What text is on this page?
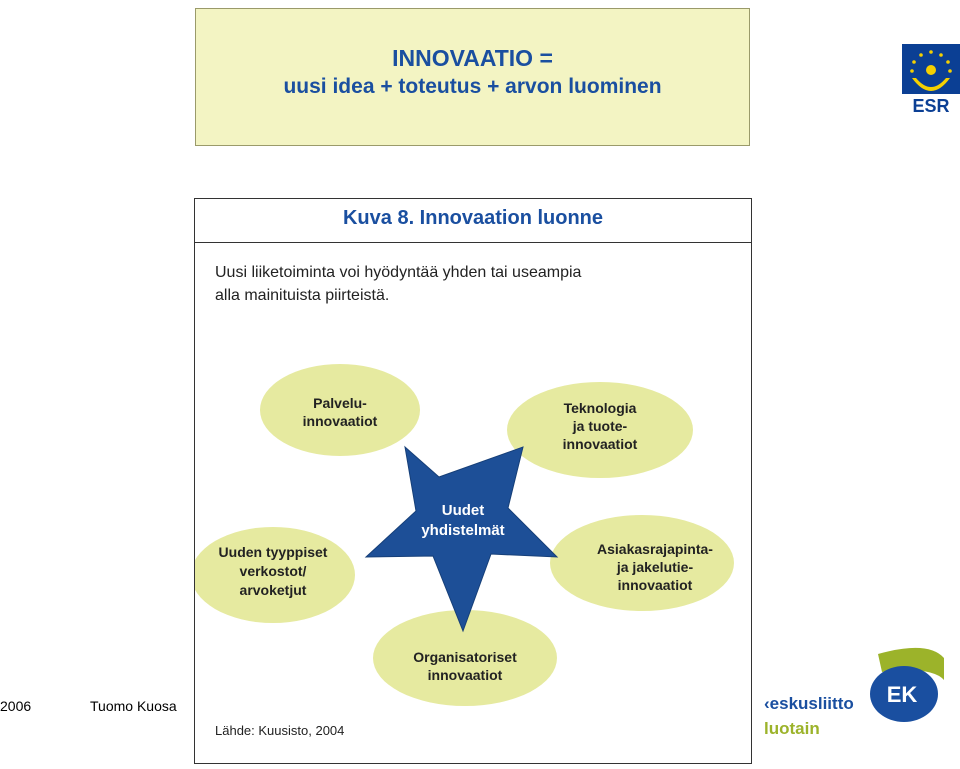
INNOVAATIO =
uusi idea + toteutus + arvon luominen
ESR
Kuva 8. Innovaation luonne
Uusi liiketoiminta voi hyödyntää yhden tai useampia
alla mainituista piirteistä.
Uudet
yhdistelmät
Palvelu-
innovaatiot
Teknologia
ja tuote-
innovaatiot
Uuden tyyppiset
verkostot/
arvoketjut
Asiakasrajapinta-
ja jakelutie-
innovaatiot
Organisatoriset
innovaatiot
Lähde: Kuusisto, 2004
2006	Tuomo Kuosa	‹eskusliitto
luotain
EK
